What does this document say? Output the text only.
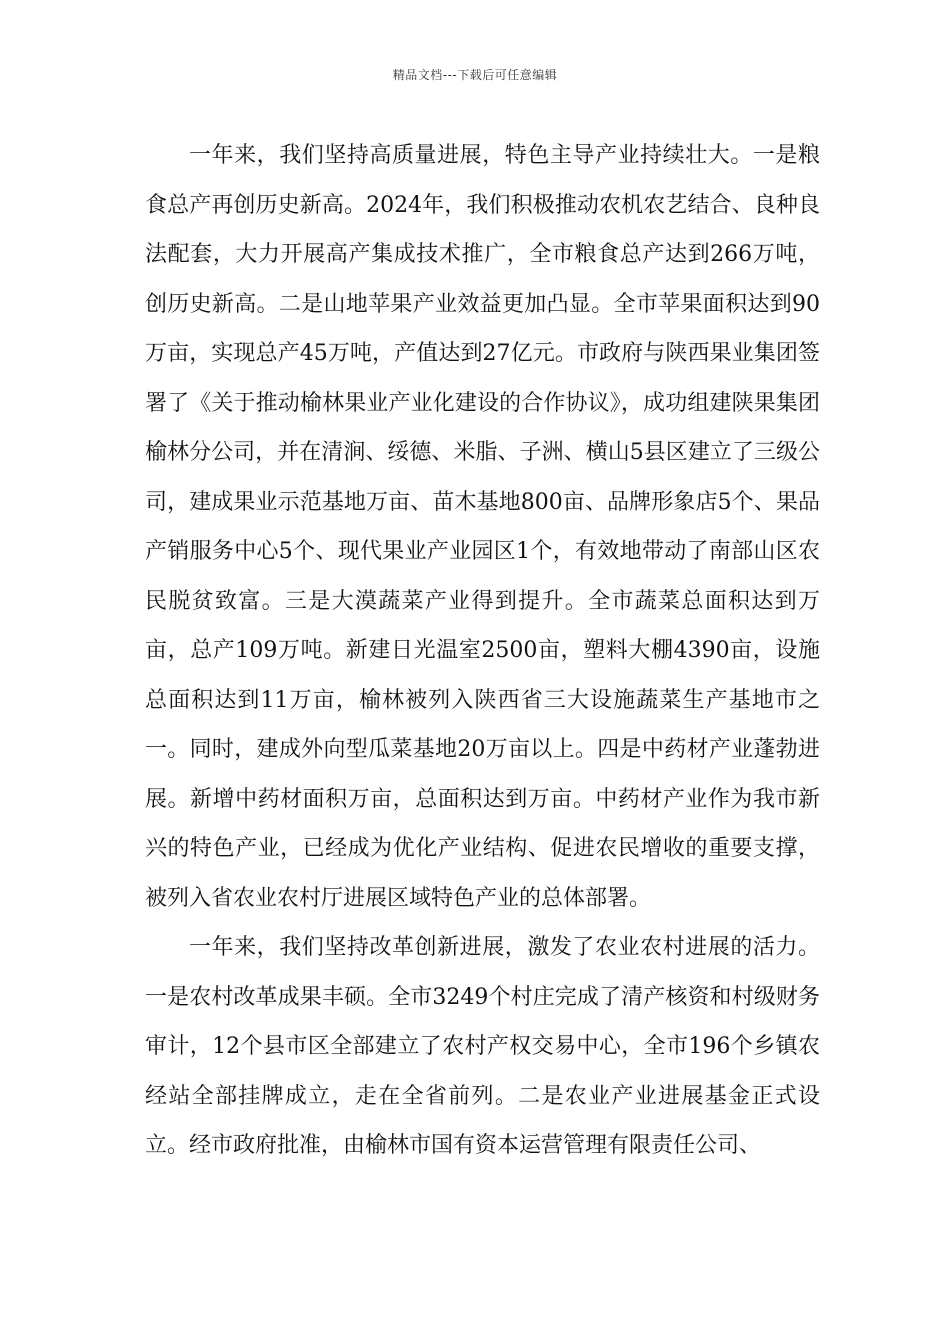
精品文档---下载后可任意编辑

一年来，我们坚持高质量进展，特色主导产业持续壮大。一是粮食总产再创历史新高。2024年，我们积极推动农机农艺结合、良种良法配套，大力开展高产集成技术推广，全市粮食总产达到266万吨，创历史新高。二是山地苹果产业效益更加凸显。全市苹果面积达到90万亩，实现总产45万吨，产值达到27亿元。市政府与陕西果业集团签署了《关于推动榆林果业产业化建设的合作协议》，成功组建陕果集团榆林分公司，并在清涧、绥德、米脂、子洲、横山5县区建立了三级公司，建成果业示范基地万亩、苗木基地800亩、品牌形象店5个、果品产销服务中心5个、现代果业产业园区1个，有效地带动了南部山区农民脱贫致富。三是大漠蔬菜产业得到提升。全市蔬菜总面积达到万亩，总产109万吨。新建日光温室2500亩，塑料大棚4390亩，设施总面积达到11万亩，榆林被列入陕西省三大设施蔬菜生产基地市之一。同时，建成外向型瓜菜基地20万亩以上。四是中药材产业蓬勃进展。新增中药材面积万亩，总面积达到万亩。中药材产业作为我市新兴的特色产业，已经成为优化产业结构、促进农民增收的重要支撑，被列入省农业农村厅进展区域特色产业的总体部署。

一年来，我们坚持改革创新进展，激发了农业农村进展的活力。一是农村改革成果丰硕。全市3249个村庄完成了清产核资和村级财务审计，12个县市区全部建立了农村产权交易中心，全市196个乡镇农经站全部挂牌成立，走在全省前列。二是农业产业进展基金正式设立。经市政府批准，由榆林市国有资本运营管理有限责任公司、
